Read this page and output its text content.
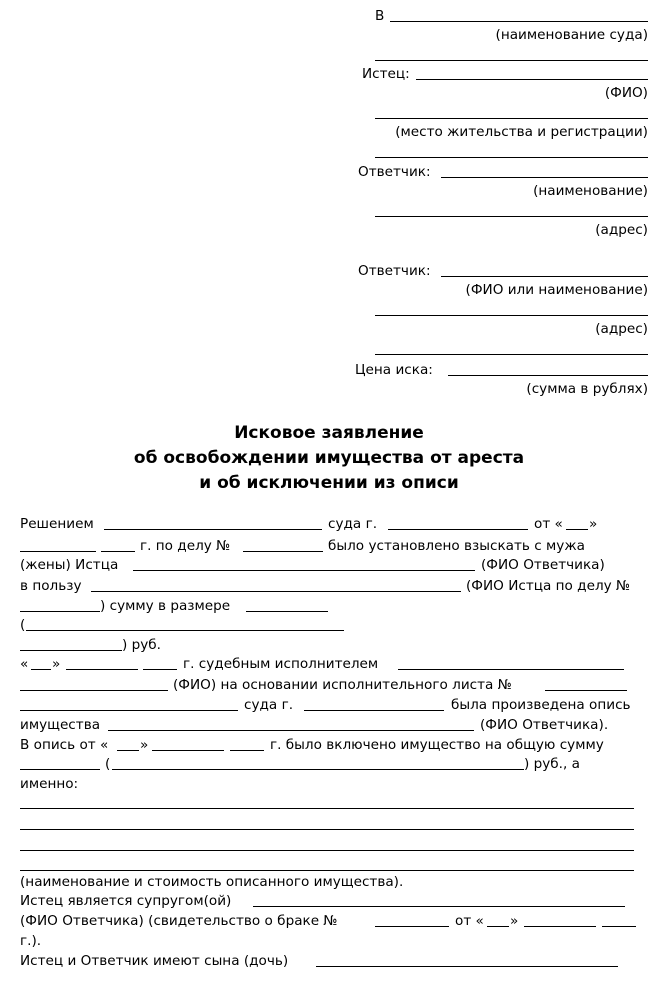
В
(наименование суда)
Истец:
(ФИО)
(место жительства и регистрации)
Ответчик:
(наименование)
(адрес)
Ответчик:
(ФИО или наименование)
(адрес)
Цена иска:
(сумма в рублях)
Исковое заявление
об освобождении имущества от ареста
и об исключении из описи
Решением	суда г.	от « »
г. по делу №	было установлено взыскать с мужа
(жены) Истца	(ФИО Ответчика)
в пользу	(ФИО Истца по делу №
) сумму в размере
(
) руб.
« »	г. судебным исполнителем
(ФИО) на основании исполнительного листа №
суда г.	была произведена опись
имущества	(ФИО Ответчика).
В опись от « »	г. было включено имущество на общую сумму
(	) руб., а
именно:
(наименование и стоимость описанного имущества).
Истец является супругом(ой)
(ФИО Ответчика) (свидетельство о браке №	от « »
г.).
Истец и Ответчик имеют сына (дочь)
